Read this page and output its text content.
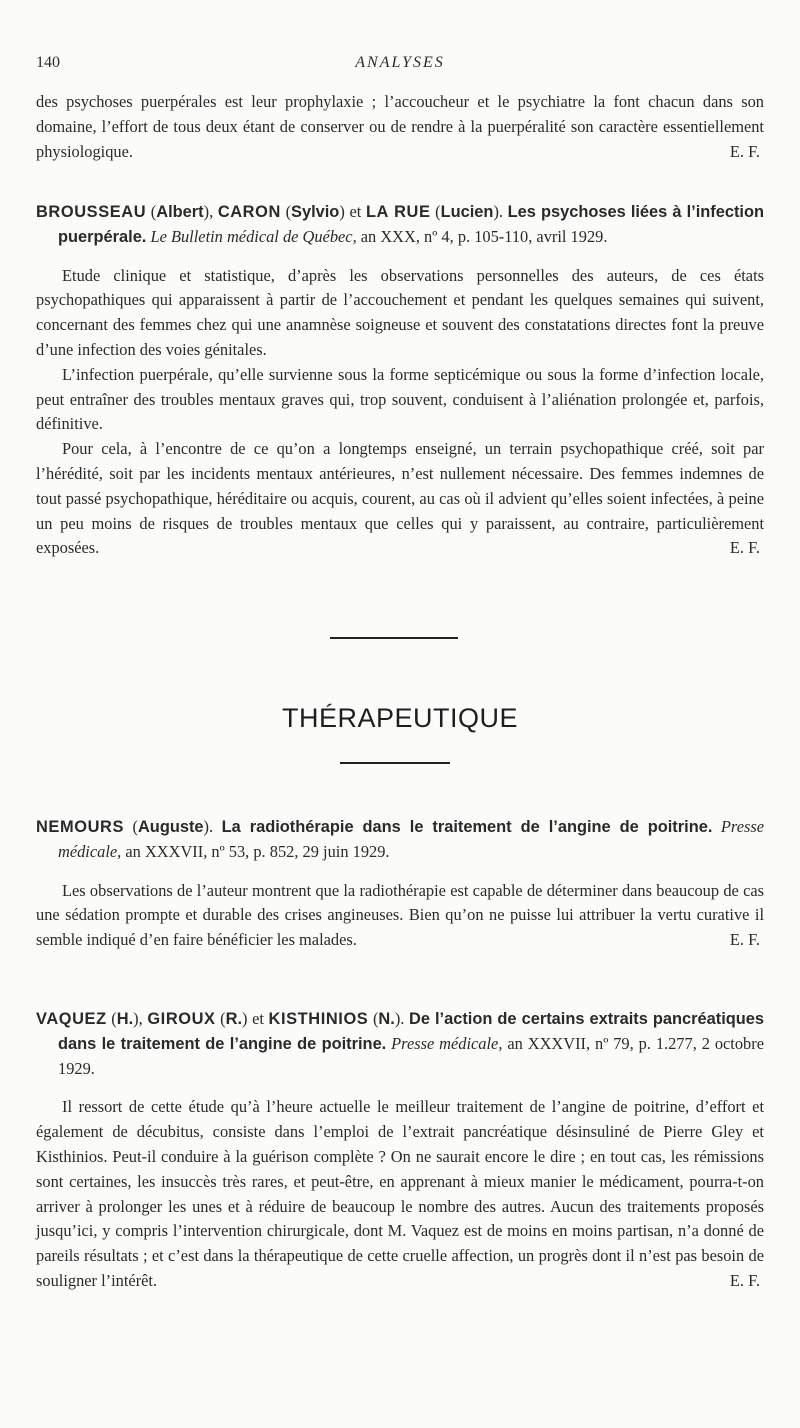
140	ANALYSES

des psychoses puerpérales est leur prophylaxie ; l’accoucheur et le psychiatre la font chacun dans son domaine, l’effort de tous deux étant de conserver ou de rendre à la puerpéralité son caractère essentiellement physiologique.	E. F.

BROUSSEAU (Albert), CARON (Sylvio) et LA RUE (Lucien). Les psychoses liées à l’infection puerpérale. Le Bulletin médical de Québec, an XXX, nº 4, p. 105-110, avril 1929.

Etude clinique et statistique, d’après les observations personnelles des auteurs, de ces états psychopathiques qui apparaissent à partir de l’accouchement et pendant les quelques semaines qui suivent, concernant des femmes chez qui une anamnèse soigneuse et souvent des constatations directes font la preuve d’une infection des voies génitales.

L’infection puerpérale, qu’elle survienne sous la forme septicémique ou sous la forme d’infection locale, peut entraîner des troubles mentaux graves qui, trop souvent, conduisent à l’aliénation prolongée et, parfois, définitive.

Pour cela, à l’encontre de ce qu’on a longtemps enseigné, un terrain psychopathique créé, soit par l’hérédité, soit par les incidents mentaux antérieures, n’est nullement nécessaire. Des femmes indemnes de tout passé psychopathique, héréditaire ou acquis, courent, au cas où il advient qu’elles soient infectées, à peine un peu moins de risques de troubles mentaux que celles qui y paraissent, au contraire, particulièrement exposées.	E. F.

THÉRAPEUTIQUE

NEMOURS (Auguste). La radiothérapie dans le traitement de l’angine de poitrine. Presse médicale, an XXXVII, nº 53, p. 852, 29 juin 1929.

Les observations de l’auteur montrent que la radiothérapie est capable de déterminer dans beaucoup de cas une sédation prompte et durable des crises angineuses. Bien qu’on ne puisse lui attribuer la vertu curative il semble indiqué d’en faire bénéficier les malades.	E. F.

VAQUEZ (H.), GIROUX (R.) et KISTHINIOS (N.). De l’action de certains extraits pancréatiques dans le traitement de l’angine de poitrine. Presse médicale, an XXXVII, nº 79, p. 1.277, 2 octobre 1929.

Il ressort de cette étude qu’à l’heure actuelle le meilleur traitement de l’angine de poitrine, d’effort et également de décubitus, consiste dans l’emploi de l’extrait pancréatique désinsuliné de Pierre Gley et Kisthinios. Peut-il conduire à la guérison complète ? On ne saurait encore le dire ; en tout cas, les rémissions sont certaines, les insuccès très rares, et peut-être, en apprenant à mieux manier le médicament, pourra-t-on arriver à prolonger les unes et à réduire de beaucoup le nombre des autres. Aucun des traitements proposés jusqu’ici, y compris l’intervention chirurgicale, dont M. Vaquez est de moins en moins partisan, n’a donné de pareils résultats ; et c’est dans la thérapeutique de cette cruelle affection, un progrès dont il n’est pas besoin de souligner l’intérêt.	E. F.
